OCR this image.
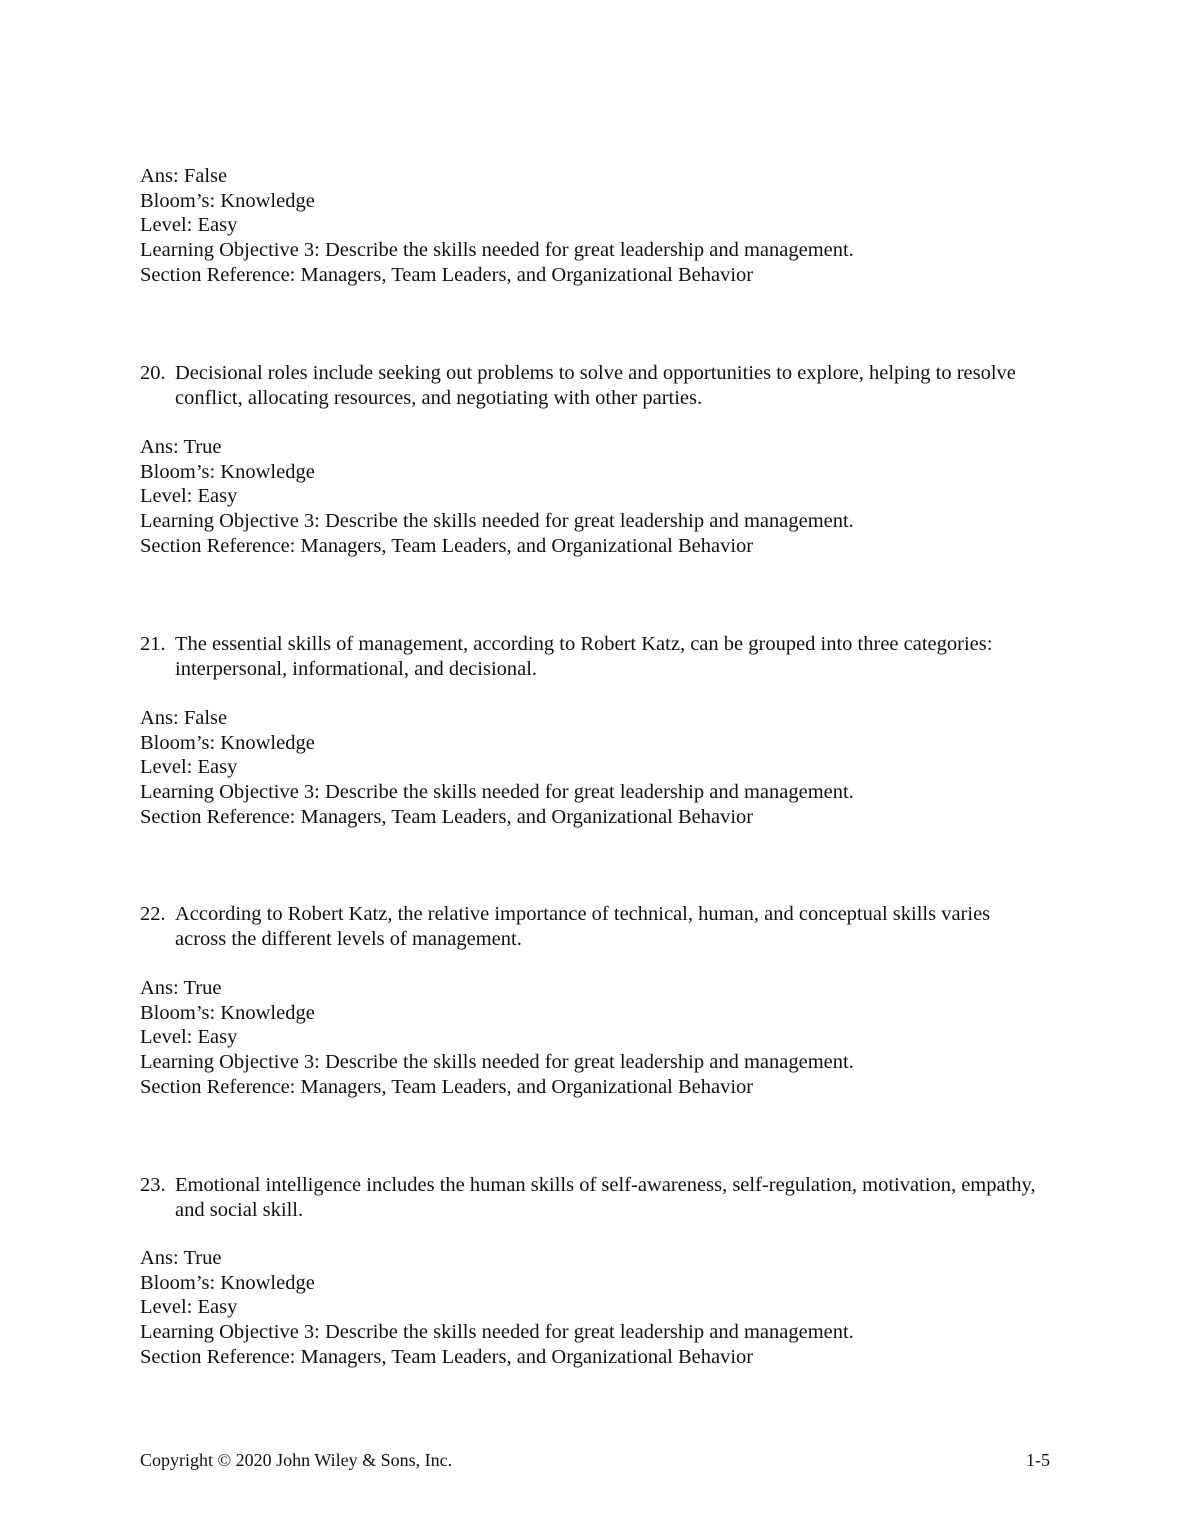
Ans: False
Bloom’s: Knowledge
Level: Easy
Learning Objective 3: Describe the skills needed for great leadership and management.
Section Reference: Managers, Team Leaders, and Organizational Behavior
20. Decisional roles include seeking out problems to solve and opportunities to explore, helping to resolve conflict, allocating resources, and negotiating with other parties.
Ans: True
Bloom’s: Knowledge
Level: Easy
Learning Objective 3: Describe the skills needed for great leadership and management.
Section Reference: Managers, Team Leaders, and Organizational Behavior
21. The essential skills of management, according to Robert Katz, can be grouped into three categories: interpersonal, informational, and decisional.
Ans: False
Bloom’s: Knowledge
Level: Easy
Learning Objective 3: Describe the skills needed for great leadership and management.
Section Reference: Managers, Team Leaders, and Organizational Behavior
22. According to Robert Katz, the relative importance of technical, human, and conceptual skills varies across the different levels of management.
Ans: True
Bloom’s: Knowledge
Level: Easy
Learning Objective 3: Describe the skills needed for great leadership and management.
Section Reference: Managers, Team Leaders, and Organizational Behavior
23. Emotional intelligence includes the human skills of self-awareness, self-regulation, motivation, empathy, and social skill.
Ans: True
Bloom’s: Knowledge
Level: Easy
Learning Objective 3: Describe the skills needed for great leadership and management.
Section Reference: Managers, Team Leaders, and Organizational Behavior
Copyright © 2020 John Wiley & Sons, Inc.	1-5
